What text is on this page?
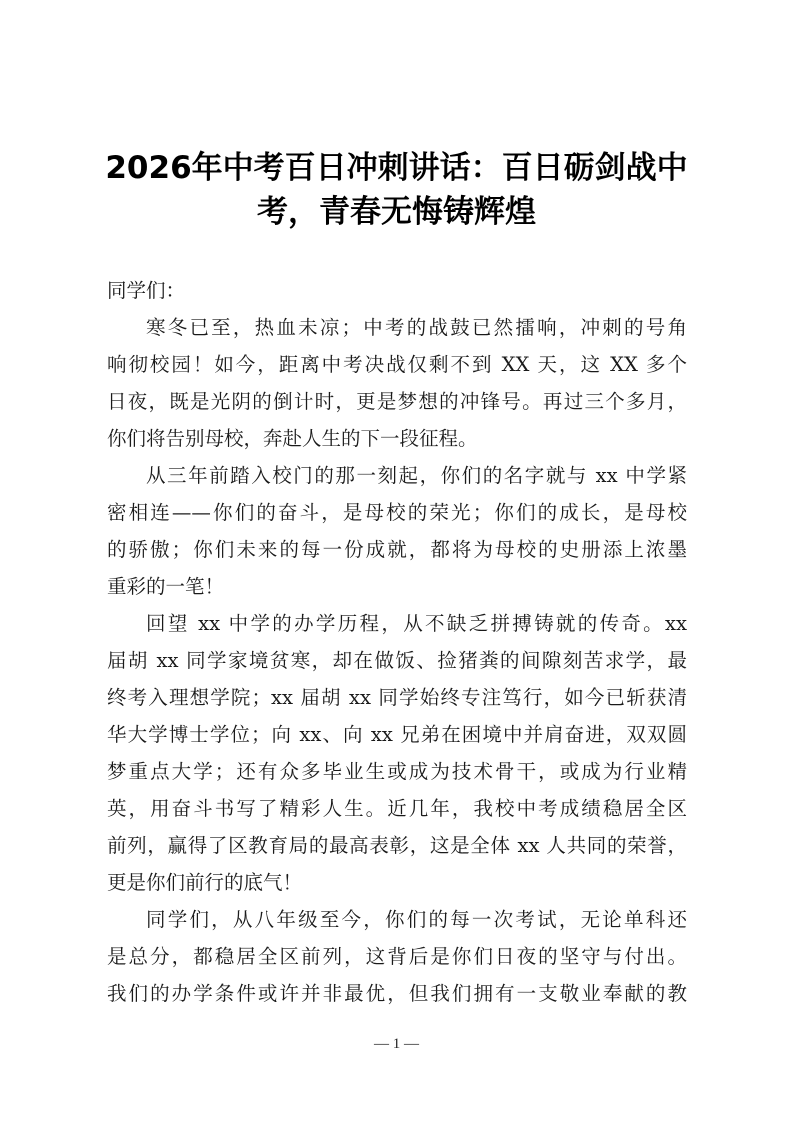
2026年中考百日冲刺讲话：百日砺剑战中
考，青春无悔铸辉煌
同学们：
寒冬已至，热血未凉；中考的战鼓已然擂响，冲刺的号角
响彻校园！如今，距离中考决战仅剩不到 XX 天，这 XX 多个
日夜，既是光阴的倒计时，更是梦想的冲锋号。再过三个多月，
你们将告别母校，奔赴人生的下一段征程。
从三年前踏入校门的那一刻起，你们的名字就与 xx 中学紧
密相连——你们的奋斗，是母校的荣光；你们的成长，是母校
的骄傲；你们未来的每一份成就，都将为母校的史册添上浓墨
重彩的一笔！
回望 xx 中学的办学历程，从不缺乏拼搏铸就的传奇。xx
届胡 xx 同学家境贫寒，却在做饭、捡猪粪的间隙刻苦求学，最
终考入理想学院；xx 届胡 xx 同学始终专注笃行，如今已斩获清
华大学博士学位；向 xx、向 xx 兄弟在困境中并肩奋进，双双圆
梦重点大学；还有众多毕业生或成为技术骨干，或成为行业精
英，用奋斗书写了精彩人生。近几年，我校中考成绩稳居全区
前列，赢得了区教育局的最高表彰，这是全体 xx 人共同的荣誉，
更是你们前行的底气！
同学们，从八年级至今，你们的每一次考试，无论单科还
是总分，都稳居全区前列，这背后是你们日夜的坚守与付出。
我们的办学条件或许并非最优，但我们拥有一支敬业奉献的教
— 1 —
